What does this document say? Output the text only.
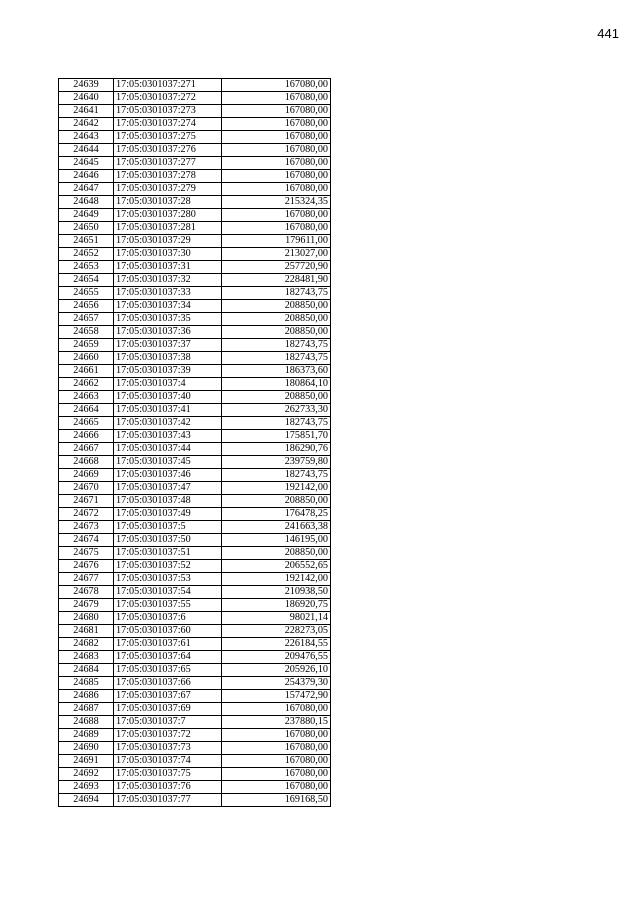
441
24639	17:05:0301037:271	167080,00
24640	17:05:0301037:272	167080,00
24641	17:05:0301037:273	167080,00
24642	17:05:0301037:274	167080,00
24643	17:05:0301037:275	167080,00
24644	17:05:0301037:276	167080,00
24645	17:05:0301037:277	167080,00
24646	17:05:0301037:278	167080,00
24647	17:05:0301037:279	167080,00
24648	17:05:0301037:28	215324,35
24649	17:05:0301037:280	167080,00
24650	17:05:0301037:281	167080,00
24651	17:05:0301037:29	179611,00
24652	17:05:0301037:30	213027,00
24653	17:05:0301037:31	257720,90
24654	17:05:0301037:32	228481,90
24655	17:05:0301037:33	182743,75
24656	17:05:0301037:34	208850,00
24657	17:05:0301037:35	208850,00
24658	17:05:0301037:36	208850,00
24659	17:05:0301037:37	182743,75
24660	17:05:0301037:38	182743,75
24661	17:05:0301037:39	186373,60
24662	17:05:0301037:4	180864,10
24663	17:05:0301037:40	208850,00
24664	17:05:0301037:41	262733,30
24665	17:05:0301037:42	182743,75
24666	17:05:0301037:43	175851,70
24667	17:05:0301037:44	186290,76
24668	17:05:0301037:45	239759,80
24669	17:05:0301037:46	182743,75
24670	17:05:0301037:47	192142,00
24671	17:05:0301037:48	208850,00
24672	17:05:0301037:49	176478,25
24673	17:05:0301037:5	241663,38
24674	17:05:0301037:50	146195,00
24675	17:05:0301037:51	208850,00
24676	17:05:0301037:52	206552,65
24677	17:05:0301037:53	192142,00
24678	17:05:0301037:54	210938,50
24679	17:05:0301037:55	186920,75
24680	17:05:0301037:6	98021,14
24681	17:05:0301037:60	228273,05
24682	17:05:0301037:61	226184,55
24683	17:05:0301037:64	209476,55
24684	17:05:0301037:65	205926,10
24685	17:05:0301037:66	254379,30
24686	17:05:0301037:67	157472,90
24687	17:05:0301037:69	167080,00
24688	17:05:0301037:7	237880,15
24689	17:05:0301037:72	167080,00
24690	17:05:0301037:73	167080,00
24691	17:05:0301037:74	167080,00
24692	17:05:0301037:75	167080,00
24693	17:05:0301037:76	167080,00
24694	17:05:0301037:77	169168,50
